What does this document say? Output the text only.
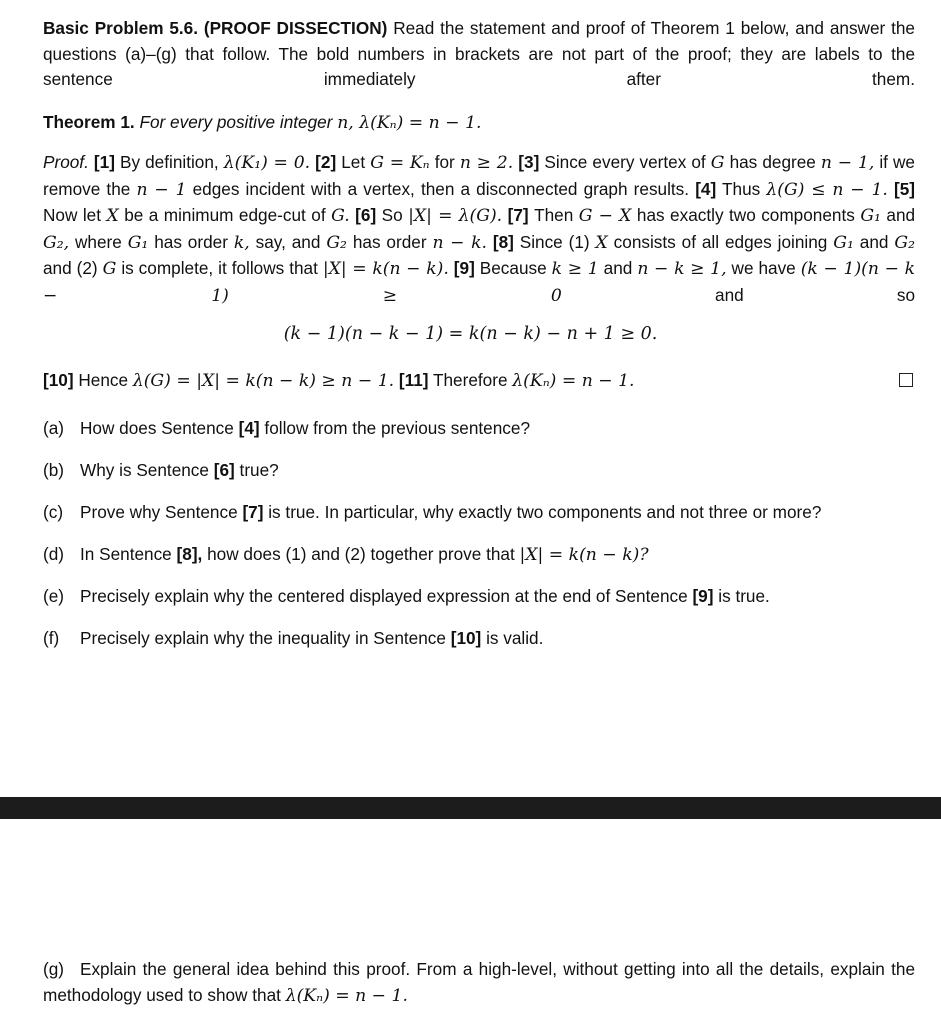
Basic Problem 5.6. (PROOF DISSECTION) Read the statement and proof of Theorem 1 below, and answer the questions (a)–(g) that follow. The bold numbers in brackets are not part of the proof; they are labels to the sentence immediately after them.
Theorem 1. For every positive integer n, λ(Kₙ) = n − 1.
Proof. [1] By definition, λ(K₁) = 0. [2] Let G = Kₙ for n ≥ 2. [3] Since every vertex of G has degree n − 1, if we remove the n − 1 edges incident with a vertex, then a disconnected graph results. [4] Thus λ(G) ≤ n − 1. [5] Now let X be a minimum edge-cut of G. [6] So |X| = λ(G). [7] Then G − X has exactly two components G₁ and G₂, where G₁ has order k, say, and G₂ has order n − k. [8] Since (1) X consists of all edges joining G₁ and G₂ and (2) G is complete, it follows that |X| = k(n − k). [9] Because k ≥ 1 and n − k ≥ 1, we have (k − 1)(n − k − 1) ≥ 0	and so
(k − 1)(n − k − 1) = k(n − k) − n + 1 ≥ 0.
[10] Hence λ(G) = |X| = k(n − k) ≥ n − 1. [11] Therefore λ(Kₙ) = n − 1.
(a) How does Sentence [4] follow from the previous sentence?
(b) Why is Sentence [6] true?
(c) Prove why Sentence [7] is true. In particular, why exactly two components and not three or more?
(d) In Sentence [8], how does (1) and (2) together prove that |X| = k(n − k)?
(e) Precisely explain why the centered displayed expression at the end of Sentence [9] is true.
(f) Precisely explain why the inequality in Sentence [10] is valid.
(g) Explain the general idea behind this proof. From a high-level, without getting into all the details, explain the methodology used to show that λ(Kₙ) = n − 1.
